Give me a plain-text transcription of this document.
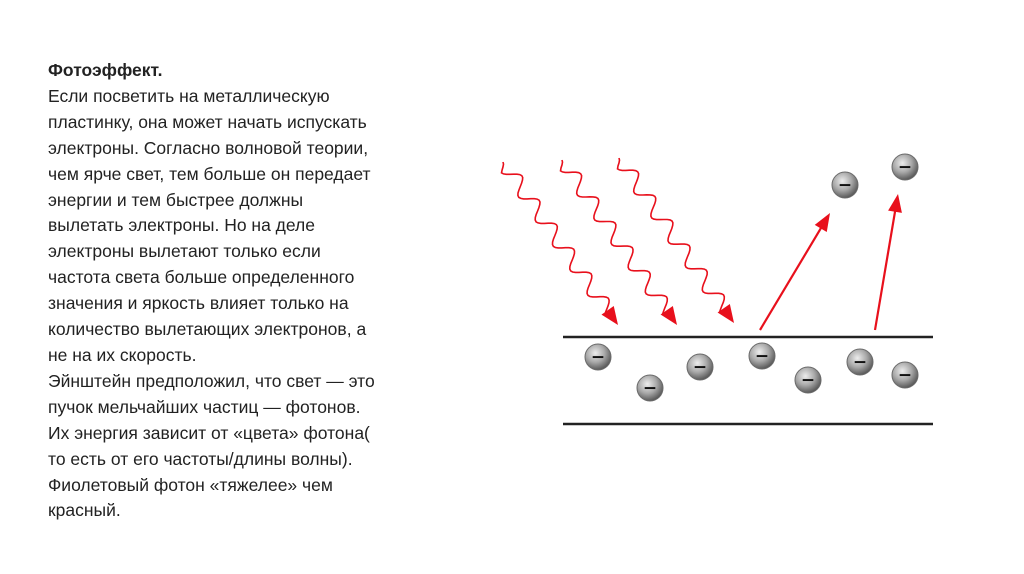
Фотоэффект.
Если посветить на металлическую
пластинку, она может начать испускать
электроны. Согласно волновой теории,
чем ярче свет, тем больше он передает
энергии и тем быстрее должны
вылетать электроны. Но на деле
электроны вылетают только если
частота света больше определенного
значения и яркость влияет только на
количество вылетающих электронов, а
не на их скорость.
Эйнштейн предположил, что свет — это
пучок мельчайших частиц — фотонов.
Их энергия зависит от «цвета» фотона(
то есть от его частоты/длины волны).
Фиолетовый фотон «тяжелее» чем
красный.
−
−
−
−
−
−
−
−
−
